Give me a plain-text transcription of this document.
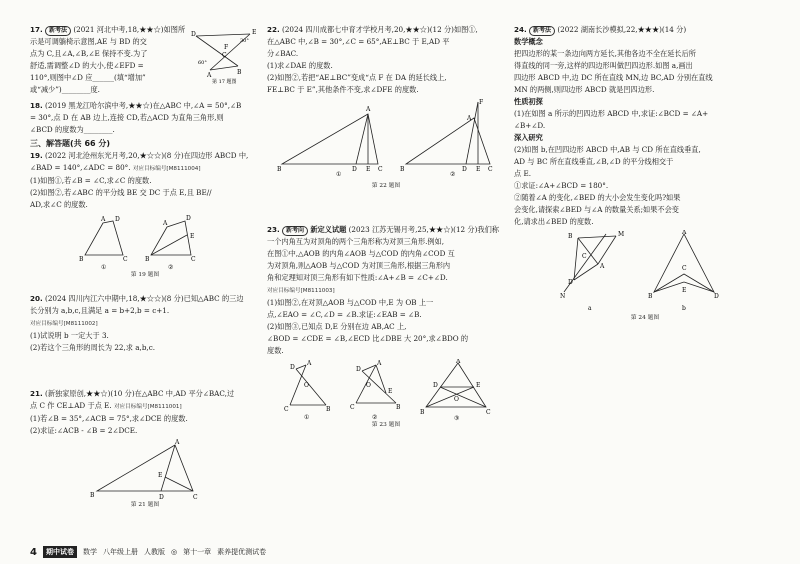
17. 新考法 (2021 河北中考,18,★★☆)如图所

示是可调躺椅示意图,AE 与 BD 的交

点为 C,且∠A,∠B,∠E 保持不变.为了

舒适,需调整∠D 的大小,使∠EFD =

110°,则图中∠D 应______(填“增加”

或“减少”)________度.

D	E
30°
60°
A
C
B
F
第 17 题图

18. (2019 黑龙江哈尔滨中考,★★☆)在△ABC 中,∠A = 50°,∠B

= 30°,点 D 在 AB 边上,连接 CD,若△ACD 为直角三角形,则

∠BCD 的度数为________.

三、解答题(共 66 分)

19. (2022 河北沧州东光月考,20,★☆☆)(8 分)在四边形 ABCD 中,

∠BAD = 140°,∠ADC = 80°. 对应目标编号[M8111004]

(1)如图①,若∠B = ∠C,求∠C 的度数.

(2)如图②,若∠ABC 的平分线 BE 交 DC 于点 E,且 BE//

AD,求∠C 的度数.

A D
B	C
①
A
D
E
B	C
②

第 19 题图

20. (2024 四川内江六中期中,18,★☆☆)(8 分)已知△ABC 的三边

长分别为 a,b,c,且满足 a = b+2,b = c+1.

对应目标编号[M8111002]

(1)试说明 b 一定大于 3.

(2)若这个三角形的周长为 22,求 a,b,c.

21. (新独家原创,★★☆)(10 分)在△ABC 中,AD 平分∠BAC,过

点 C 作 CE⊥AD 于点 E. 对应目标编号[M8111001]

(1)若∠B = 35°,∠ACB = 75°,求∠DCE 的度数.

(2)求证:∠ACB - ∠B = 2∠DCE.

A
E
B	D	C

第 21 题图

22. (2024 四川成都七中育才学校月考,20,★★☆)(12 分)如图①,

在△ABC 中,∠B = 30°,∠C = 65°,AE⊥BC 于 E,AD 平

分∠BAC.

(1)求∠DAE 的度数.

(2)如图②,若把“AE⊥BC”变成“点 F 在 DA 的延长线上,

FE⊥BC 于 E”,其他条件不变,求∠DFE 的度数.

A
B	D E C
①
F
A
B	D E C
②

第 22 题图

23. 新考向 新定义试题 (2023 江苏无锡月考,25,★★☆)(12 分)我们称

一个内角互为对顶角的两个三角形称为对顶三角形.例如,

在图①中,△AOB 的内角∠AOB 与△COD 的内角∠COD 互

为对顶角,则△AOB 与△COD 为对顶三角形,根据三角形内

角和定理知对顶三角形有如下性质:∠A+∠B = ∠C+∠D.

对应目标编号[M8111003]

(1)如图②,在对顶△AOB 与△COD 中,E 为 OB 上一

点,∠EAO = ∠C,∠D = ∠B.求证:∠EAB = ∠B.

(2)如图③,已知点 D,E 分别在边 AB,AC 上,

∠BOD = ∠CDE = ∠B,∠ECD 比∠DBE 大 20°,求∠BDO 的

度数.

D
A
O
C	B
①
D
A
O
E
C	B
②
A
D	E
O
B	C
③

第 23 题图

24. 新考法 (2022 湖南长沙模拟,22,★★★)(14 分)

数学概念

把四边形的某一条边向两方延长,其他各边不全在延长后所

得直线的同一旁,这样的四边形叫做凹四边形.如图 a,画出

四边形 ABCD 中,边 DC 所在直线 MN,边 BC,AD 分别在直线

MN 的两侧,则四边形 ABCD 就是凹四边形.

性质初探

(1)在如图 a 所示的凹四边形 ABCD 中,求证:∠BCD = ∠A+

∠B+∠D.

深入研究

(2)如图 b,在凹四边形 ABCD 中,AB 与 CD 所在直线垂直,

AD 与 BC 所在直线垂直,∠B,∠D 的平分线相交于

点 E.

①求证:∠A+∠BCD = 180°.

②随着∠A 的变化,∠BED 的大小会发生变化吗?如果

会变化,请探索∠BED 与∠A 的数量关系;如果不会变

化,请求出∠BED 的度数.

B	M
C
A
D
N
a
A
D
B
E
C
b

第 24 题图

4	期中试卷	数学 八年级上册 人教版 ◎ 第十一章 素养提优测试卷
